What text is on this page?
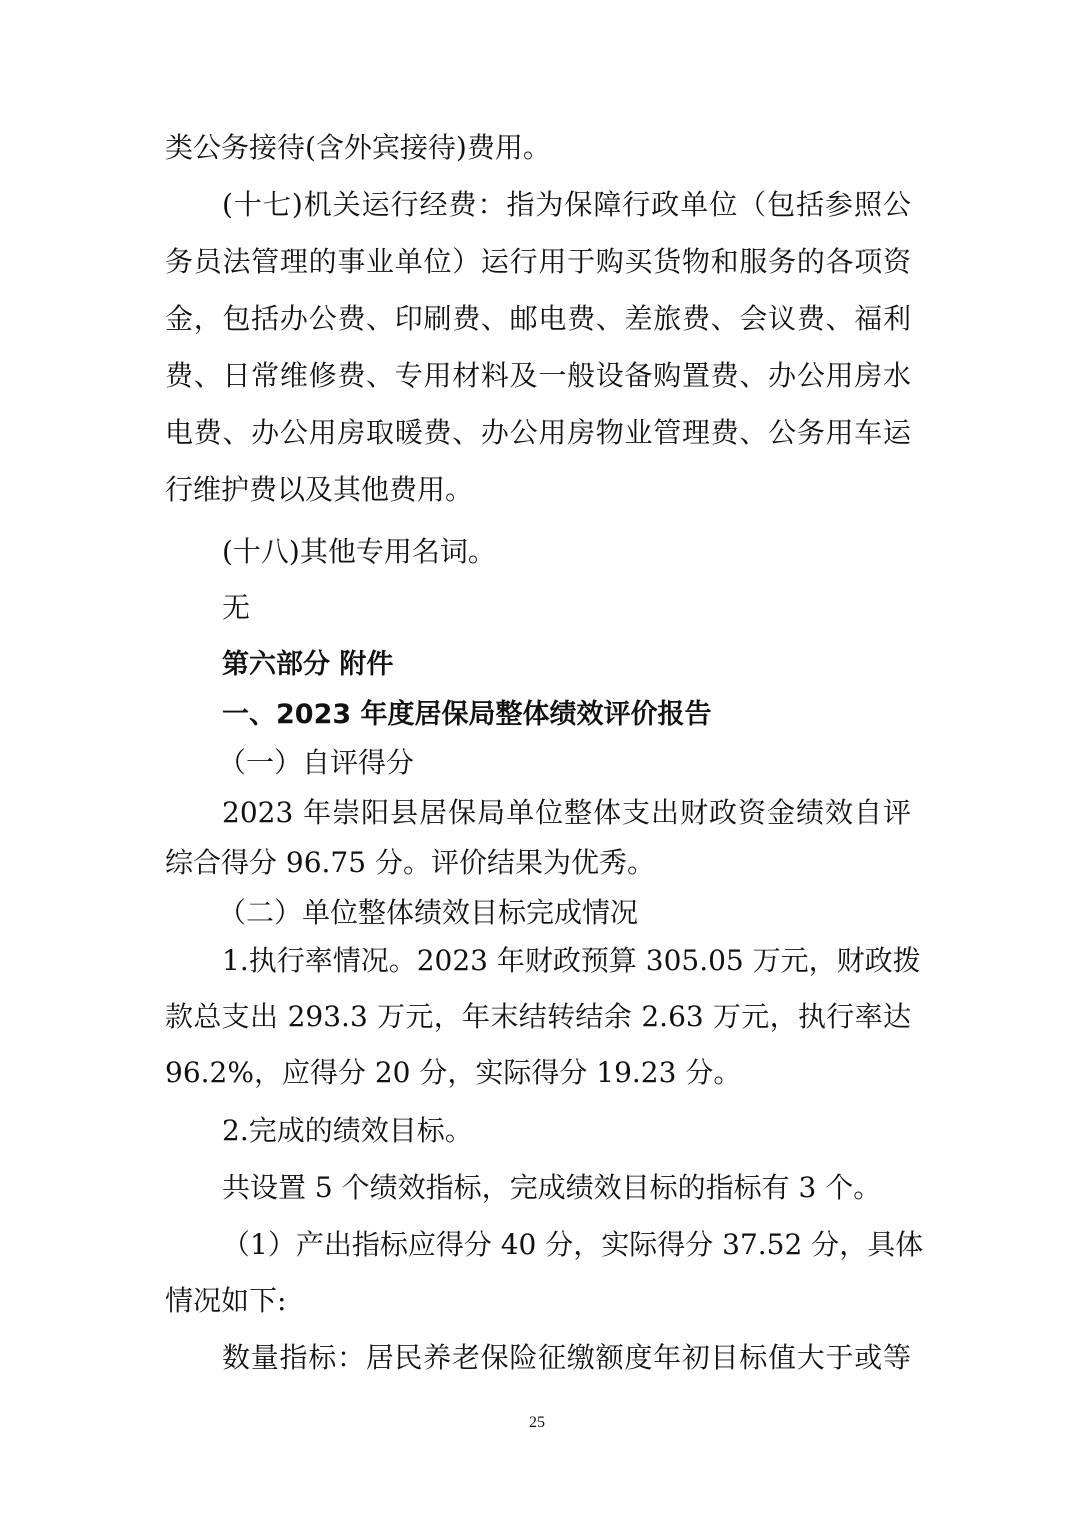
类公务接待(含外宾接待)费用。
(十七)机关运行经费：指为保障行政单位（包括参照公
务员法管理的事业单位）运行用于购买货物和服务的各项资
金，包括办公费、印刷费、邮电费、差旅费、会议费、福利
费、日常维修费、专用材料及一般设备购置费、办公用房水
电费、办公用房取暖费、办公用房物业管理费、公务用车运
行维护费以及其他费用。
(十八)其他专用名词。
无
第六部分 附件
一、2023 年度居保局整体绩效评价报告
（一）自评得分
2023 年崇阳县居保局单位整体支出财政资金绩效自评
综合得分 96.75 分。评价结果为优秀。
（二）单位整体绩效目标完成情况
1.执行率情况。2023 年财政预算 305.05 万元，财政拨
款总支出 293.3 万元，年末结转结余 2.63 万元，执行率达
96.2%，应得分 20 分，实际得分 19.23 分。
2.完成的绩效目标。
共设置 5 个绩效指标，完成绩效目标的指标有 3 个。
（1）产出指标应得分 40 分，实际得分 37.52 分，具体
情况如下:
数量指标：居民养老保险征缴额度年初目标值大于或等
25
